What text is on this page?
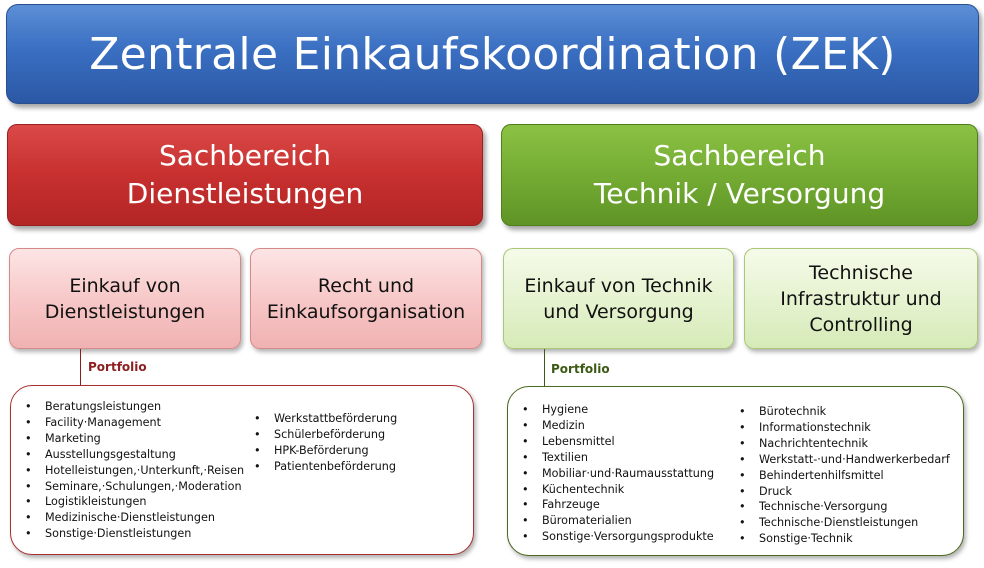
Zentrale Einkaufskoordination (ZEK)
Sachbereich
Dienstleistungen
Sachbereich
Technik / Versorgung
Einkauf von
Dienstleistungen
Recht und
Einkaufsorganisation
Einkauf von Technik
und Versorgung
Technische
Infrastruktur und
Controlling
Portfolio	Portfolio
• Beratungsleistungen
• Facility·Management
• Marketing
• Ausstellungsgestaltung
• Hotelleistungen,·Unterkunft,·Reisen
• Seminare,·Schulungen,·Moderation
• Logistikleistungen
• Medizinische·Dienstleistungen
• Sonstige·Dienstleistungen
• Werkstattbeförderung
• Schülerbeförderung
• HPK-Beförderung
• Patientenbeförderung
• Hygiene
• Medizin
• Lebensmittel
• Textilien
• Mobiliar·und·Raumausstattung
• Küchentechnik
• Fahrzeuge
• Büromaterialien
• Sonstige·Versorgungsprodukte
• Bürotechnik
• Informationstechnik
• Nachrichtentechnik
• Werkstatt-·und·Handwerkerbedarf
• Behindertenhilfsmittel
• Druck
• Technische·Versorgung
• Technische·Dienstleistungen
• Sonstige·Technik
